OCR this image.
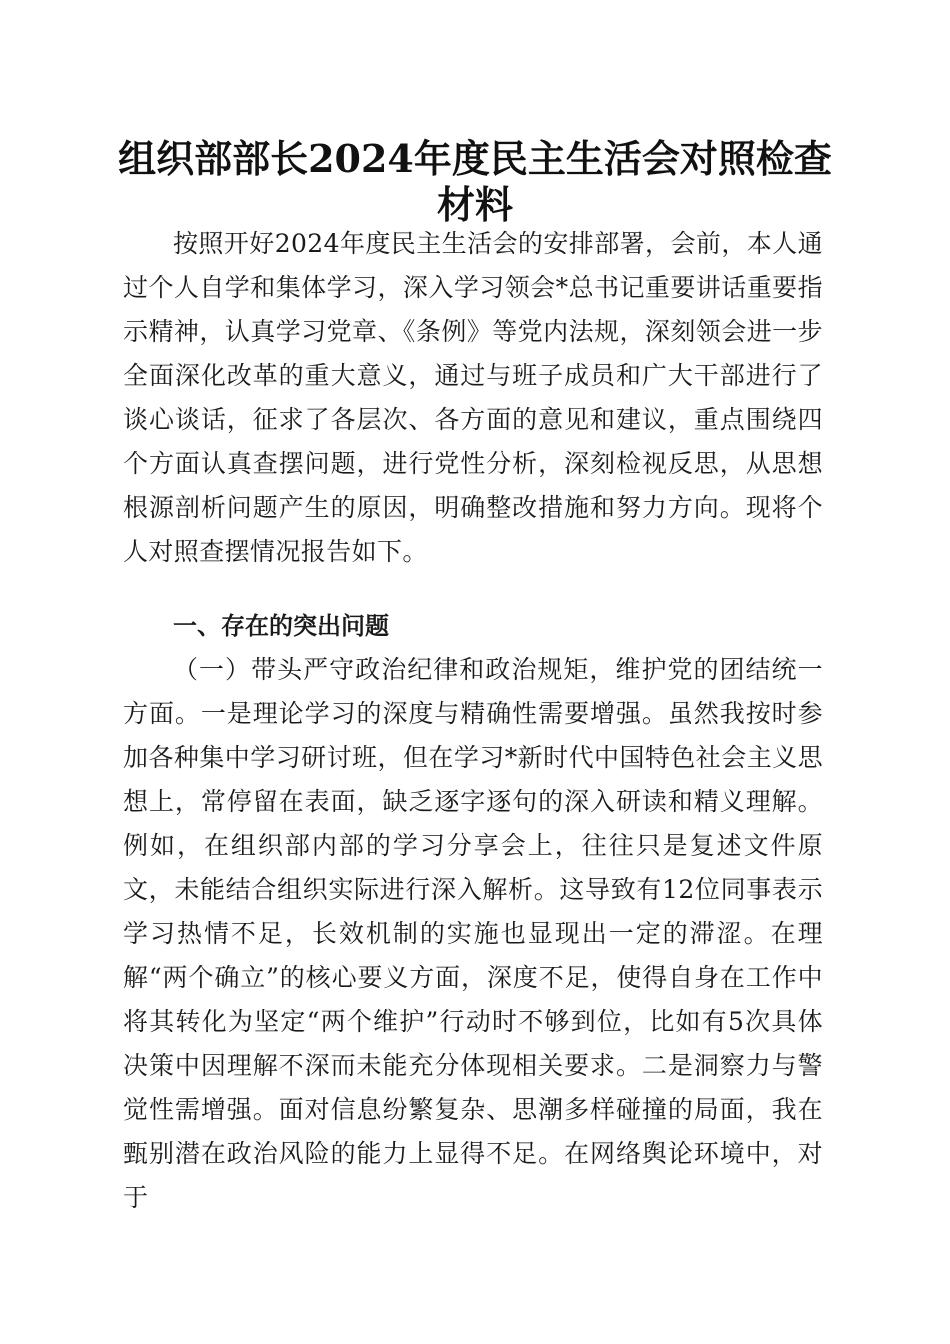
组织部部长2024年度民主生活会对照检查材料

按照开好2024年度民主生活会的安排部署，会前，本人通过个人自学和集体学习，深入学习领会*总书记重要讲话重要指示精神，认真学习党章、《条例》等党内法规，深刻领会进一步全面深化改革的重大意义，通过与班子成员和广大干部进行了谈心谈话，征求了各层次、各方面的意见和建议，重点围绕四个方面认真查摆问题，进行党性分析，深刻检视反思，从思想根源剖析问题产生的原因，明确整改措施和努力方向。现将个人对照查摆情况报告如下。

一、存在的突出问题

（一）带头严守政治纪律和政治规矩，维护党的团结统一方面。一是理论学习的深度与精确性需要增强。虽然我按时参加各种集中学习研讨班，但在学习*新时代中国特色社会主义思想上，常停留在表面，缺乏逐字逐句的深入研读和精义理解。例如，在组织部内部的学习分享会上，往往只是复述文件原文，未能结合组织实际进行深入解析。这导致有12位同事表示学习热情不足，长效机制的实施也显现出一定的滞涩。在理解“两个确立”的核心要义方面，深度不足，使得自身在工作中将其转化为坚定“两个维护”行动时不够到位，比如有5次具体决策中因理解不深而未能充分体现相关要求。二是洞察力与警觉性需增强。面对信息纷繁复杂、思潮多样碰撞的局面，我在甄别潜在政治风险的能力上显得不足。在网络舆论环境中，对于
